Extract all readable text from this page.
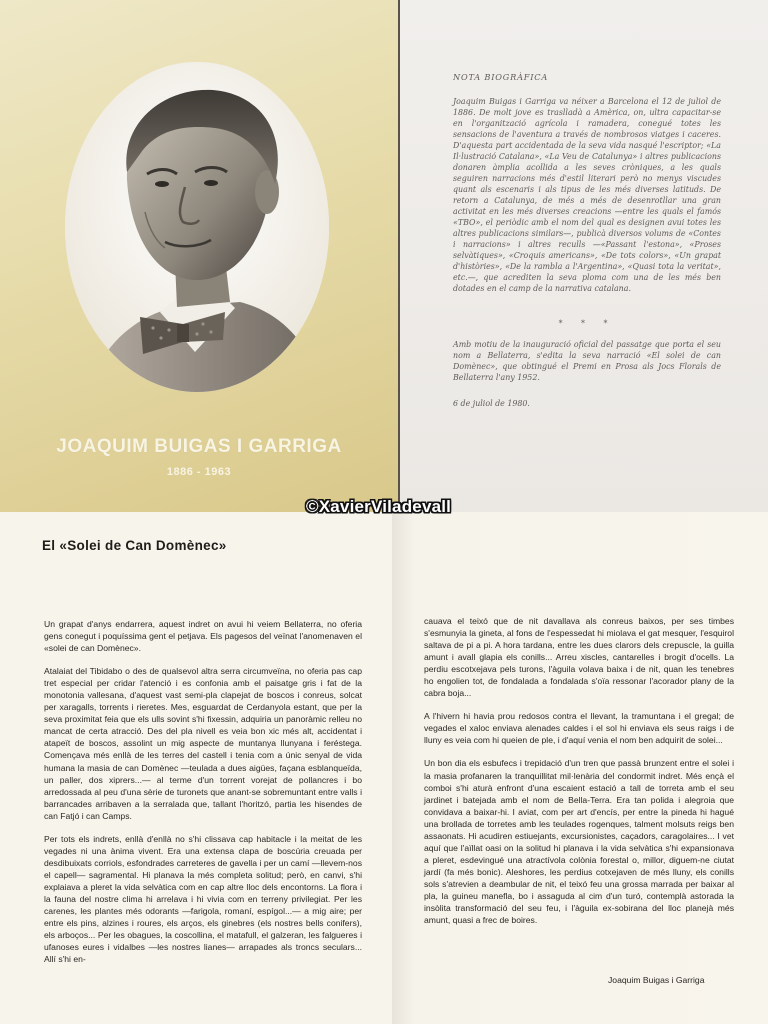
JOAQUIM BUIGAS I GARRIGA
1886 - 1963
NOTA BIOGRÀFICA
Joaquim Buigas i Garriga va néixer a Barcelona el 12 de juliol de 1886. De molt jove es traslladà a Amèrica, on, ultra capacitar-se en l'organització agrícola i ramadera, conegué totes les sensacions de l'aventura a través de nombrosos viatges i caceres. D'aquesta part accidentada de la seva vida nasqué l'escriptor; «La Il·lustració Catalana», «La Veu de Catalunya» i altres publicacions donaren àmplia acollida a les seves cròniques, a les quals seguiren narracions més d'estil literari però no menys viscudes quant als escenaris i als tipus de les més diverses latituds. De retorn a Catalunya, de més a més de desenrotllar una gran activitat en les més diverses creacions —entre les quals el famós «TBO», el periòdic amb el nom del qual es designen avui totes les altres publicacions similars—, publicà diversos volums de «Contes i narracions» i altres reculls —«Passant l'estona», «Proses selvàtiques», «Croquis americans», «De tots colors», «Un grapat d'històries», «De la rambla a l'Argentina», «Quasi tota la veritat», etc.—, que acrediten la seva ploma com una de les més ben dotades en el camp de la narrativa catalana.
* * *
Amb motiu de la inauguració oficial del passatge que porta el seu nom a Bellaterra, s'edita la seva narració «El solei de can Domènec», que obtingué el Premi en Prosa als Jocs Florals de Bellaterra l'any 1952.
6 de juliol de 1980.
El «Solei de Can Domènec»

Un grapat d'anys endarrera, aquest indret on avui hi veiem Bellaterra, no oferia gens conegut i poquíssima gent el petjava. Els pagesos del veïnat l'anomenaven el «solei de can Domènec».

Atalaiat del Tibidabo o des de qualsevol altra serra circumveïna, no oferia pas cap tret especial per cridar l'atenció i es confonia amb el paisatge gris i fat de la monotonia vallesana, d'aquest vast semi-pla clapejat de boscos i conreus, solcat per xaragalls, torrents i rieretes. Mes, esguardat de Cerdanyola estant, que per la seva proximitat feia que els ulls sovint s'hi fixessin, adquiria un panoràmic relleu no mancat de certa atracció. Des del pla nivell es veia bon xic més alt, accidentat i atapeït de boscos, assolint un mig aspecte de muntanya llunyana i feréstega. Començava més enllà de les terres del castell i tenia com a únic senyal de vida humana la masia de can Domènec —teulada a dues aigües, façana esblanqueïda, un paller, dos xiprers...— al terme d'un torrent vorejat de pollancres i bo arredossada al peu d'una sèrie de turonets que anant-se sobremuntant entre valls i barrancades arribaven a la serralada que, tallant l'horitzó, partia les hisendes de can Fatjó i can Camps.

Per tots els indrets, enllà d'enllà no s'hi clissava cap habitacle i la meitat de les vegades ni una ànima vivent. Era una extensa clapa de boscúria creuada per desdibuixats corriols, esfondrades carreteres de gavella i per un camí —llevem-nos el capell— sagramental. Hi planava la més completa solitud; però, en canvi, s'hi explaiava a pleret la vida selvàtica com en cap altre lloc dels encontorns. La flora i la fauna del nostre clima hi arrelava i hi vivia com en terreny privilegiat. Per les carenes, les plantes més odorants —farigola, romaní, espígol...— a mig aire; per entre els pins, alzines i roures, els arços, els ginebres (els nostres bells conifers), els arboços... Per les obagues, la coscollina, el matafull, el galzeran, les falgueres i ufanoses eures i vidalbes —les nostres lianes— arrapades als troncs seculars... Allí s'hi en-

cauava el teixó que de nit davallava als conreus baixos, per ses timbes s'esmunyia la gineta, al fons de l'espessedat hi miolava el gat mesquer, l'esquirol saltava de pi a pi. A hora tardana, entre les dues clarors dels crepuscle, la guilla amunt i avall glapia els conills... Arreu xiscles, cantarelles i brogit d'ocells. La perdiu escotxejava pels turons, l'àguila volava baixa i de nit, quan les tenebres ho engolien tot, de fondalada a fondalada s'oïa ressonar l'acorador plany de la cabra boja...

A l'hivern hi havia prou redosos contra el llevant, la tramuntana i el gregal; de vegades el xaloc enviava alenades caldes i el sol hi enviava els seus raigs i de lluny es veia com hi queien de ple, i d'aquí venia el nom ben adquirit de solei...

Un bon dia els esbufecs i trepidació d'un tren que passà brunzent entre el solei i la masia profanaren la tranquillitat mil·lenària del condormit indret. Més ençà el comboi s'hi aturà enfront d'una escaient estació a tall de torreta amb el seu jardinet i batejada amb el nom de Bella-Terra. Era tan polida i alegroia que convidava a baixar-hi. I aviat, com per art d'encís, per entre la pineda hi hagué una brollada de torretes amb les teulades rogenques, talment molsuts reigs ben assaonats. Hi acudiren estiuejants, excursionistes, caçadors, caragolaires... I vet aquí que l'aïllat oasi on la solitud hi planava i la vida selvàtica s'hi expansionava a pleret, esdevingué una atractívola colònia forestal o, millor, diguem-ne ciutat jardí (fa més bonic). Aleshores, les perdius cotxejaven de més lluny, els conills sols s'atrevien a deambular de nit, el teixó feu una grossa marrada per baixar al pla, la guineu manefla, bo i assaguda al cim d'un turó, contemplà astorada la insòlita transformació del seu feu, i l'àguila ex-sobirana del lloc planejà més amunt, quasi a frec de boires.

Joaquim Buigas i Garriga
©XavierViladevall
